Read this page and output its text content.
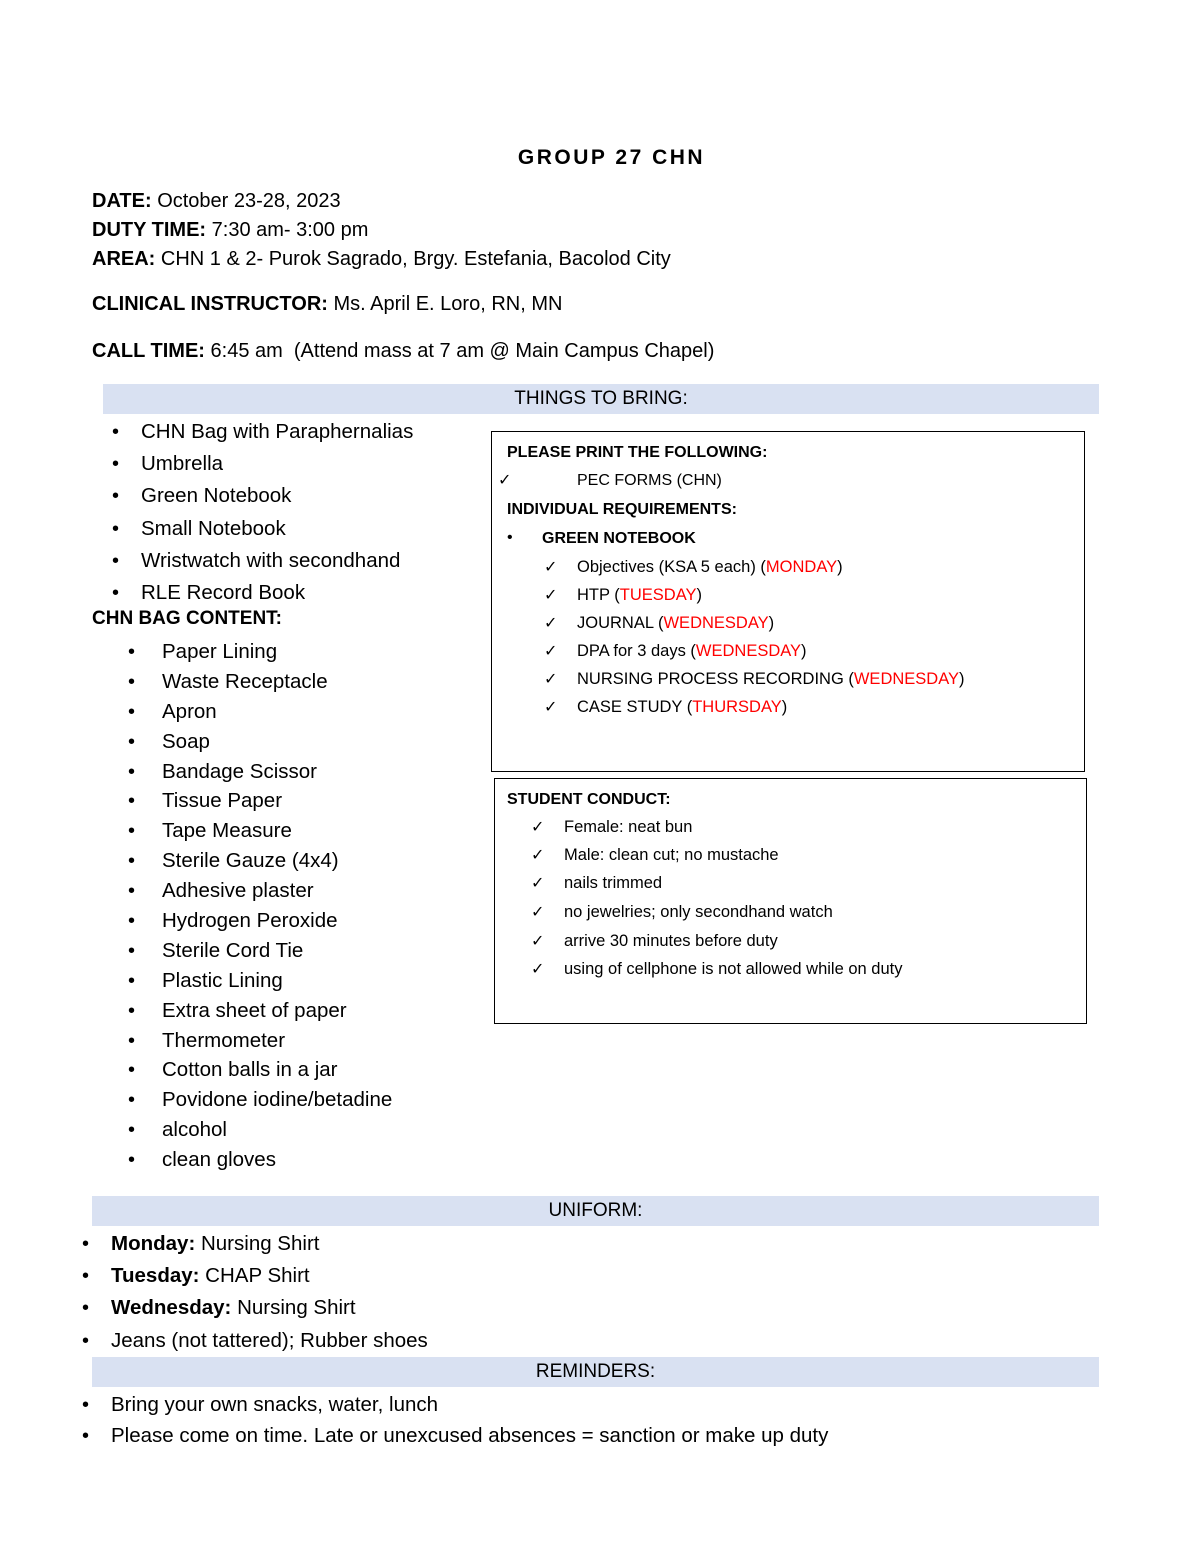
GROUP 27 CHN
DATE: October 23-28, 2023
DUTY TIME: 7:30 am- 3:00 pm
AREA: CHN 1 & 2- Purok Sagrado, Brgy. Estefania, Bacolod City
CLINICAL INSTRUCTOR: Ms. April E. Loro, RN, MN
CALL TIME: 6:45 am  (Attend mass at 7 am @ Main Campus Chapel)
THINGS TO BRING:
• CHN Bag with Paraphernalias
• Umbrella
• Green Notebook
• Small Notebook
• Wristwatch with secondhand
• RLE Record Book
CHN BAG CONTENT:
• Paper Lining
• Waste Receptacle
• Apron
• Soap
• Bandage Scissor
• Tissue Paper
• Tape Measure
• Sterile Gauze (4x4)
• Adhesive plaster
• Hydrogen Peroxide
• Sterile Cord Tie
• Plastic Lining
• Extra sheet of paper
• Thermometer
• Cotton balls in a jar
• Povidone iodine/betadine
• alcohol
• clean gloves
PLEASE PRINT THE FOLLOWING:
✓	PEC FORMS (CHN)
INDIVIDUAL REQUIREMENTS:
• GREEN NOTEBOOK
✓ Objectives (KSA 5 each) (MONDAY)
✓ HTP (TUESDAY)
✓ JOURNAL (WEDNESDAY)
✓ DPA for 3 days (WEDNESDAY)
✓ NURSING PROCESS RECORDING (WEDNESDAY)
✓ CASE STUDY (THURSDAY)
STUDENT CONDUCT:
✓ Female: neat bun
✓ Male: clean cut; no mustache
✓ nails trimmed
✓ no jewelries; only secondhand watch
✓ arrive 30 minutes before duty
✓ using of cellphone is not allowed while on duty
UNIFORM:
• Monday: Nursing Shirt
• Tuesday: CHAP Shirt
• Wednesday: Nursing Shirt
• Jeans (not tattered); Rubber shoes
REMINDERS:
• Bring your own snacks, water, lunch
• Please come on time. Late or unexcused absences = sanction or make up duty
